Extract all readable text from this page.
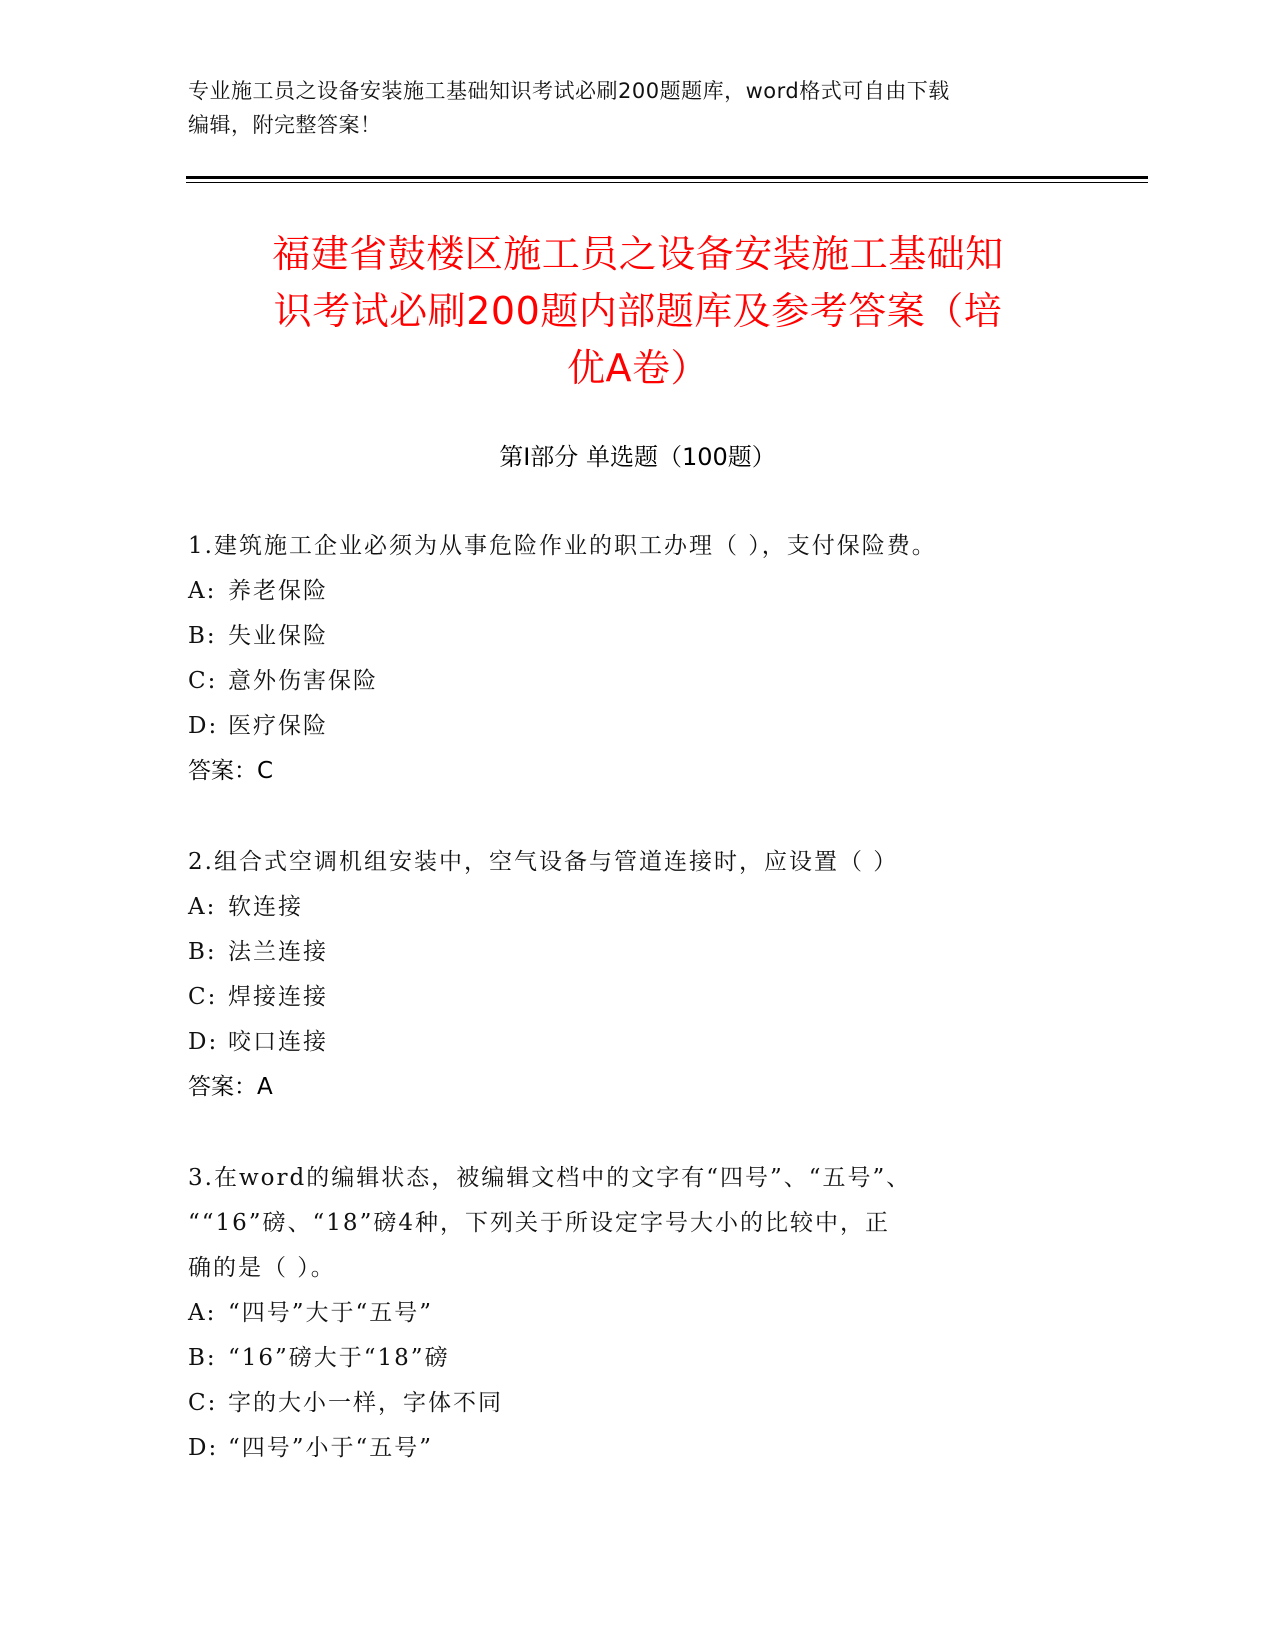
专业施工员之设备安装施工基础知识考试必刷200题题库，word格式可自由下载
编辑，附完整答案！
福建省鼓楼区施工员之设备安装施工基础知
识考试必刷200题内部题库及参考答案（培
优A卷）
第I部分 单选题（100题）
1.建筑施工企业必须为从事危险作业的职工办理（ ），支付保险费。
A: 养老保险
B: 失业保险
C: 意外伤害保险
D: 医疗保险
答案：C
2.组合式空调机组安装中，空气设备与管道连接时，应设置（ ）
A: 软连接
B: 法兰连接
C: 焊接连接
D: 咬口连接
答案：A
3.在word的编辑状态，被编辑文档中的文字有“四号”、“五号”、
““16”磅、“18”磅4种，下列关于所设定字号大小的比较中，正
确的是（ ）。
A: “四号”大于“五号”
B: “16”磅大于“18”磅
C: 字的大小一样，字体不同
D: “四号”小于“五号”
